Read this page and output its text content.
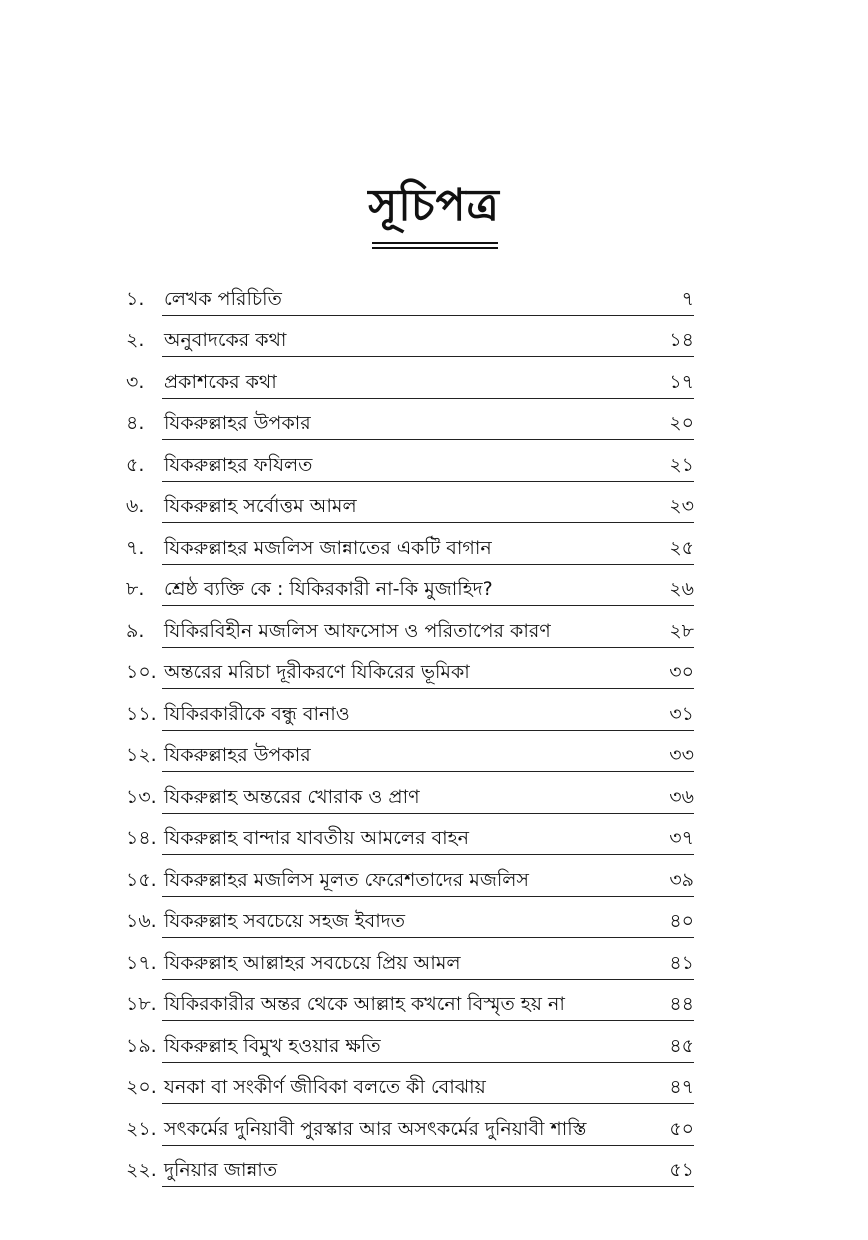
সূচিপত্র
১. লেখক পরিচিতি	৭
২. অনুবাদকের কথা	১৪
৩. প্রকাশকের কথা	১৭
৪. যিকরুল্লাহর উপকার	২০
৫. যিকরুল্লাহর ফযিলত	২১
৬. যিকরুল্লাহ সর্বোত্তম আমল	২৩
৭. যিকরুল্লাহর মজলিস জান্নাতের একটি বাগান	২৫
৮. শ্রেষ্ঠ ব্যক্তি কে : যিকিরকারী না-কি মুজাহিদ?	২৬
৯. যিকিরবিহীন মজলিস আফসোস ও পরিতাপের কারণ	২৮
১০. অন্তরের মরিচা দূরীকরণে যিকিরের ভূমিকা	৩০
১১. যিকিরকারীকে বন্ধু বানাও	৩১
১২. যিকরুল্লাহর উপকার	৩৩
১৩. যিকরুল্লাহ অন্তরের খোরাক ও প্রাণ	৩৬
১৪. যিকরুল্লাহ বান্দার যাবতীয় আমলের বাহন	৩৭
১৫. যিকরুল্লাহর মজলিস মূলত ফেরেশতাদের মজলিস	৩৯
১৬. যিকরুল্লাহ সবচেয়ে সহজ ইবাদত	৪০
১৭. যিকরুল্লাহ আল্লাহর সবচেয়ে প্রিয় আমল	৪১
১৮. যিকিরকারীর অন্তর থেকে আল্লাহ কখনো বিস্মৃত হয় না	৪৪
১৯. যিকরুল্লাহ বিমুখ হওয়ার ক্ষতি	৪৫
২০. যনকা বা সংকীর্ণ জীবিকা বলতে কী বোঝায়	৪৭
২১. সৎকর্মের দুনিয়াবী পুরস্কার আর অসৎকর্মের দুনিয়াবী শাস্তি	৫০
২২. দুনিয়ার জান্নাত	৫১
